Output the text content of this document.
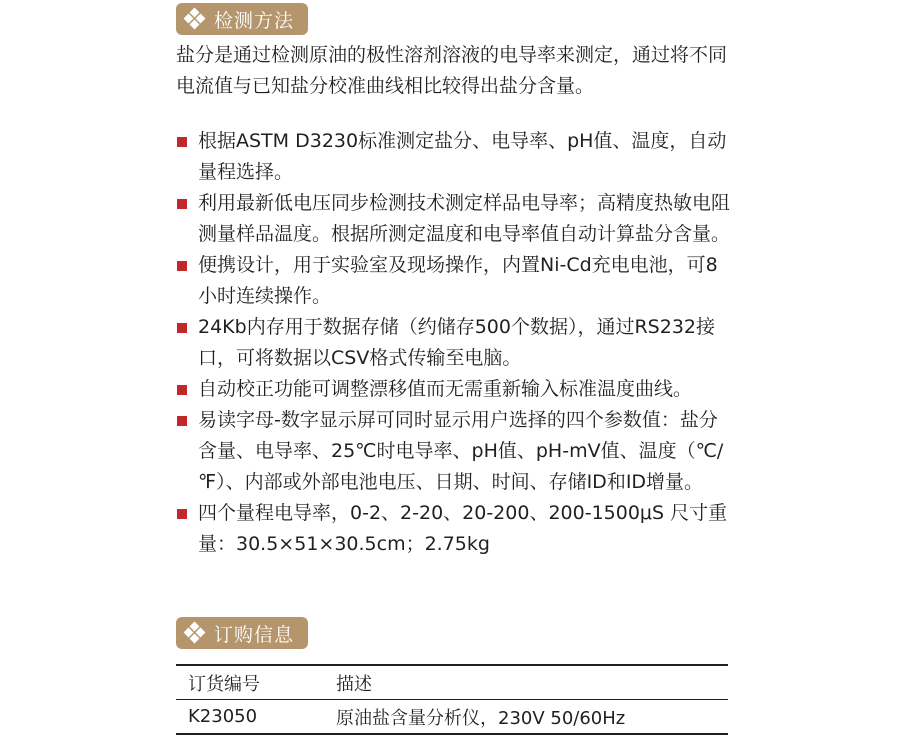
检测方法

盐分是通过检测原油的极性溶剂溶液的电导率来测定，通过将不同电流值与已知盐分校准曲线相比较得出盐分含量。

根据ASTM D3230标准测定盐分、电导率、pH值、温度，自动量程选择。
利用最新低电压同步检测技术测定样品电导率；高精度热敏电阻测量样品温度。根据所测定温度和电导率值自动计算盐分含量。
便携设计，用于实验室及现场操作，内置Ni-Cd充电电池，可8小时连续操作。
24Kb内存用于数据存储（约储存500个数据），通过RS232接口，可将数据以CSV格式传输至电脑。
自动校正功能可调整漂移值而无需重新输入标准温度曲线。
易读字母-数字显示屏可同时显示用户选择的四个参数值：盐分含量、电导率、25℃时电导率、pH值、pH-mV值、温度（℃/℉）、内部或外部电池电压、日期、时间、存储ID和ID增量。
四个量程电导率，0-2、2-20、20-200、200-1500μS 尺寸重量：30.5×51×30.5cm；2.75kg
订购信息
订货编号	描述
K23050	原油盐含量分析仪，230V 50/60Hz
